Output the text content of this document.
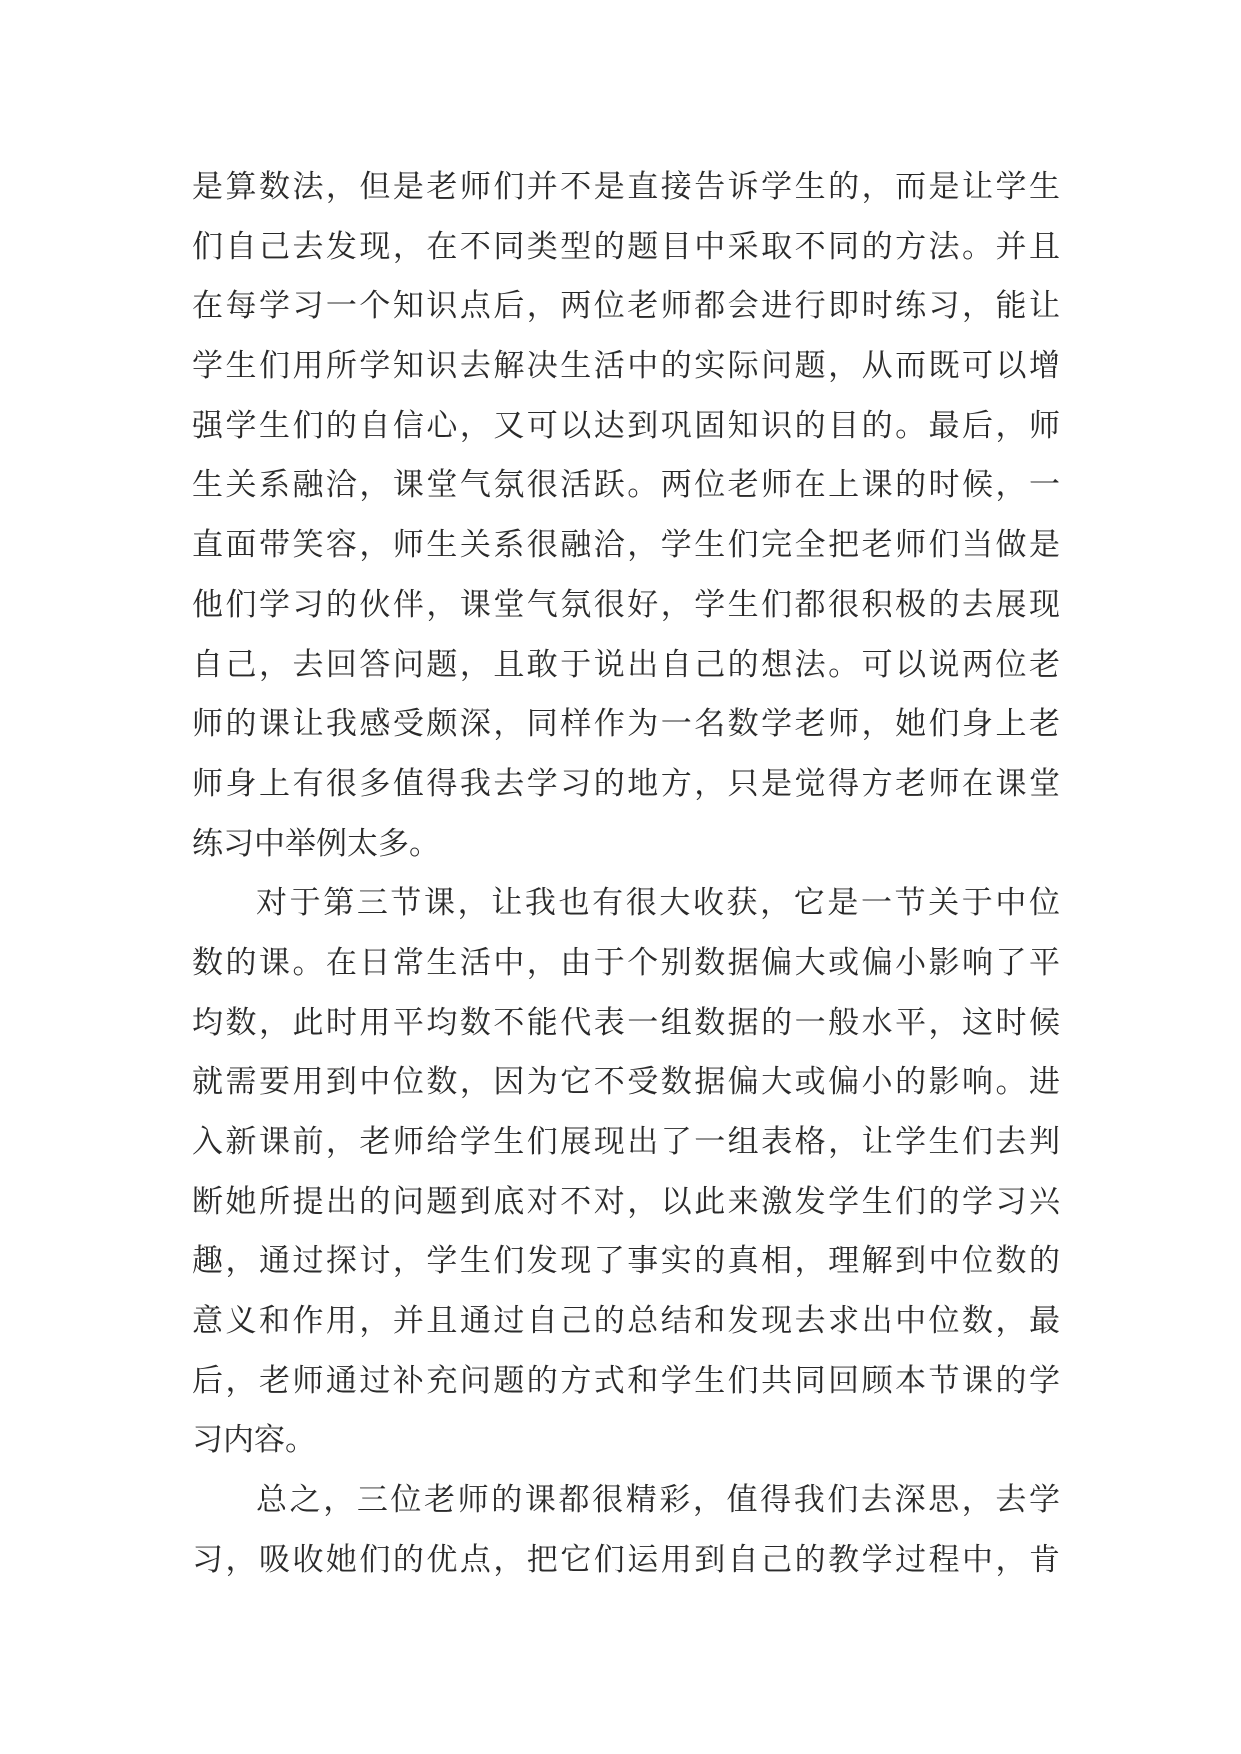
是算数法，但是老师们并不是直接告诉学生的，而是让学生
们自己去发现，在不同类型的题目中采取不同的方法。并且
在每学习一个知识点后，两位老师都会进行即时练习，能让
学生们用所学知识去解决生活中的实际问题，从而既可以增
强学生们的自信心，又可以达到巩固知识的目的。最后，师
生关系融洽，课堂气氛很活跃。两位老师在上课的时候，一
直面带笑容，师生关系很融洽，学生们完全把老师们当做是
他们学习的伙伴，课堂气氛很好，学生们都很积极的去展现
自己，去回答问题，且敢于说出自己的想法。可以说两位老
师的课让我感受颇深，同样作为一名数学老师，她们身上老
师身上有很多值得我去学习的地方，只是觉得方老师在课堂
练习中举例太多。
对于第三节课，让我也有很大收获，它是一节关于中位
数的课。在日常生活中，由于个别数据偏大或偏小影响了平
均数，此时用平均数不能代表一组数据的一般水平，这时候
就需要用到中位数，因为它不受数据偏大或偏小的影响。进
入新课前，老师给学生们展现出了一组表格，让学生们去判
断她所提出的问题到底对不对，以此来激发学生们的学习兴
趣，通过探讨，学生们发现了事实的真相，理解到中位数的
意义和作用，并且通过自己的总结和发现去求出中位数，最
后，老师通过补充问题的方式和学生们共同回顾本节课的学
习内容。
总之，三位老师的课都很精彩，值得我们去深思，去学
习，吸收她们的优点，把它们运用到自己的教学过程中，肯
